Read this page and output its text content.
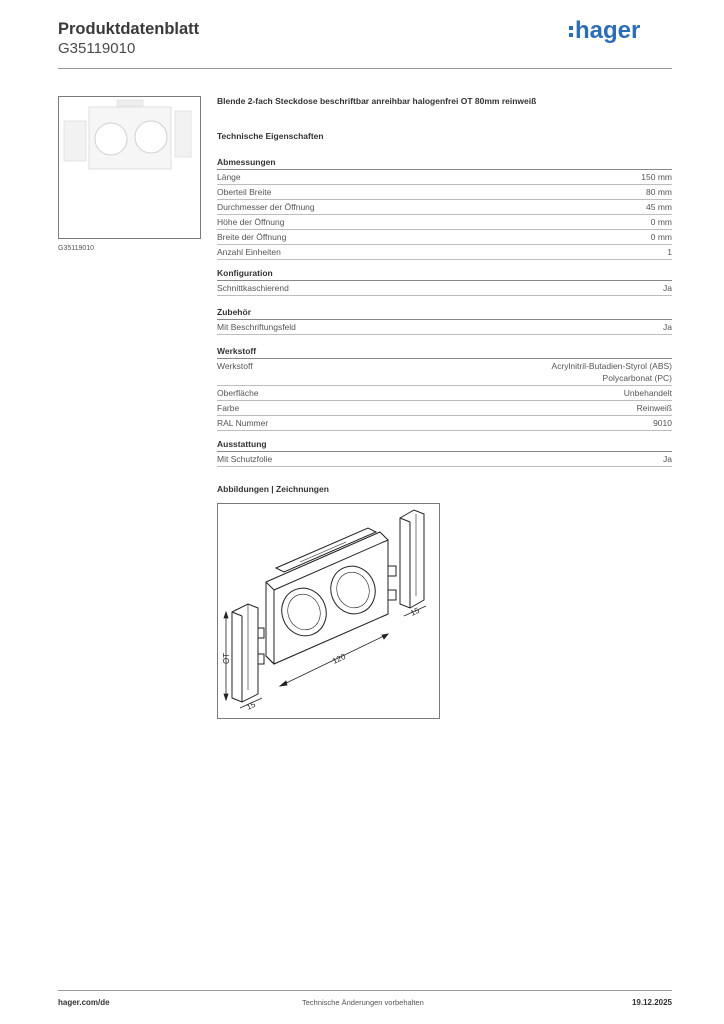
Produktdatenblatt
G35119010
hager
G35119010
Blende 2-fach Steckdose beschriftbar anreihbar halogenfrei OT 80mm reinweiß
Technische Eigenschaften
Abmessungen
Länge	150 mm
Oberteil Breite	80 mm
Durchmesser der Öffnung	45 mm
Höhe der Öffnung	0 mm
Breite der Öffnung	0 mm
Anzahl Einheiten	1
Konfiguration
Schnittkaschierend	Ja
Zubehör
Mit Beschriftungsfeld	Ja
Werkstoff
Werkstoff	Acrylnitril-Butadien-Styrol (ABS)
Polycarbonat (PC)
Oberfläche	Unbehandelt
Farbe	Reinweiß
RAL Nummer	9010
Ausstattung
Mit Schutzfolie	Ja
Abbildungen | Zeichnungen
OT
15
120
15
hager.com/de	Technische Änderungen vorbehalten	19.12.2025
